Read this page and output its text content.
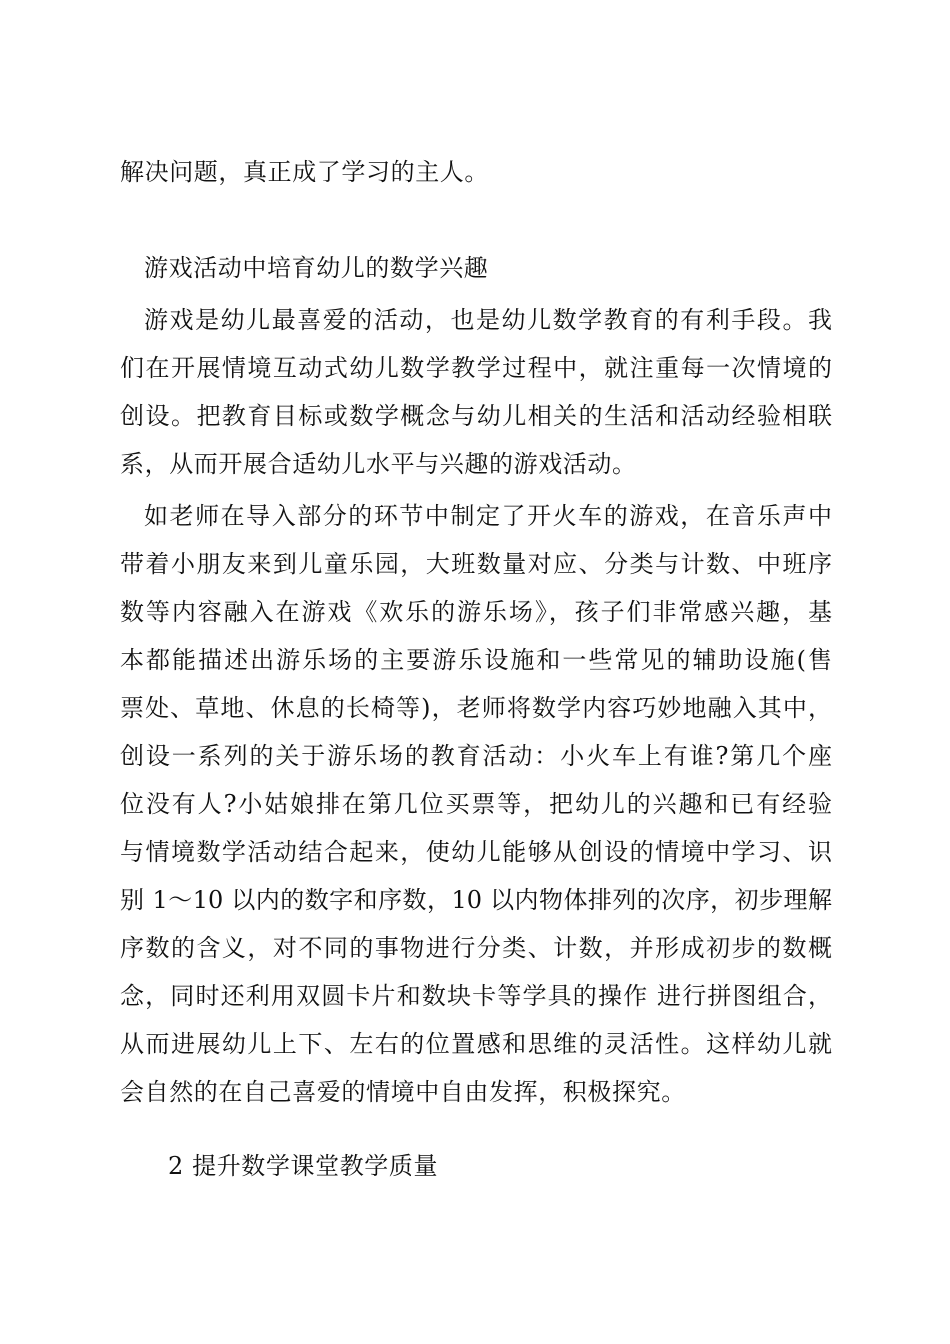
解决问题，真正成了学习的主人。
游戏活动中培育幼儿的数学兴趣
游戏是幼儿最喜爱的活动，也是幼儿数学教育的有利手段。我
们在开展情境互动式幼儿数学教学过程中，就注重每一次情境的
创设。把教育目标或数学概念与幼儿相关的生活和活动经验相联
系，从而开展合适幼儿水平与兴趣的游戏活动。
如老师在导入部分的环节中制定了开火车的游戏，在音乐声中
带着小朋友来到儿童乐园，大班数量对应、分类与计数、中班序
数等内容融入在游戏《欢乐的游乐场》，孩子们非常感兴趣，基
本都能描述出游乐场的主要游乐设施和一些常见的辅助设施(售
票处、草地、休息的长椅等)，老师将数学内容巧妙地融入其中，
创设一系列的关于游乐场的教育活动：小火车上有谁?第几个座
位没有人?小姑娘排在第几位买票等，把幼儿的兴趣和已有经验
与情境数学活动结合起来，使幼儿能够从创设的情境中学习、识
别 1～10 以内的数字和序数，10 以内物体排列的次序，初步理解
序数的含义，对不同的事物进行分类、计数，并形成初步的数概
念，同时还利用双圆卡片和数块卡等学具的操作 进行拼图组合，
从而进展幼儿上下、左右的位置感和思维的灵活性。这样幼儿就
会自然的在自己喜爱的情境中自由发挥，积极探究。
2 提升数学课堂教学质量
